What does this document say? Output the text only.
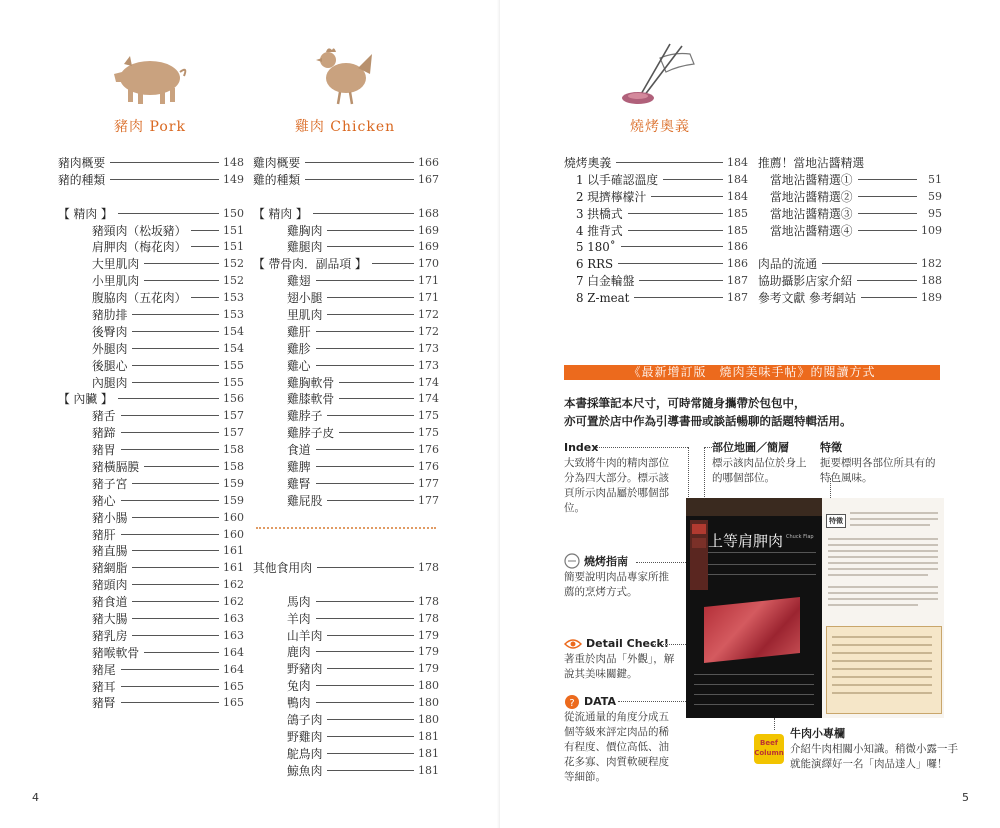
豬肉 Pork	雞肉 Chicken
豬肉概要	148
豬的種類	149
【 精肉 】	150
豬頸肉（松坂豬）	151
肩胛肉（梅花肉）	151
大里肌肉	152
小里肌肉	152
腹脇肉（五花肉）	153
豬肋排	153
後臀肉	154
外腿肉	154
後腿心	155
內腿肉	155
【 內臟 】	156
豬舌	157
豬蹄	157
豬胃	158
豬橫膈膜	158
豬子宮	159
豬心	159
豬小腸	160
豬肝	160
豬直腸	161
豬網脂	161
豬頭肉	162
豬食道	162
豬大腸	163
豬乳房	163
豬喉軟骨	164
豬尾	164
豬耳	165
豬腎	165
雞肉概要	166
雞的種類	167
【 精肉 】	168
雞胸肉	169
雞腿肉	169
【 帶骨肉．副品項 】	170
雞翅	171
翅小腿	171
里肌肉	172
雞肝	172
雞胗	173
雞心	173
雞胸軟骨	174
雞膝軟骨	174
雞脖子	175
雞脖子皮	175
食道	176
雞脾	176
雞腎	177
雞屁股	177
其他食用肉	178
馬肉	178
羊肉	178
山羊肉	179
鹿肉	179
野豬肉	179
兔肉	180
鴨肉	180
鴿子肉	180
野雞肉	181
鴕鳥肉	181
鯨魚肉	181
4
燒烤奧義
燒烤奧義	184
1 以手確認溫度	184
2 現擠檸檬汁	184
3 拱橋式	185
4 推背式	185
5 180˚	186
6 RRS	186
7 白金輪盤	187
8 Z-meat	187
推薦！當地沾醬精選
當地沾醬精選①	51
當地沾醬精選②	59
當地沾醬精選③	95
當地沾醬精選④	109
肉品的流通	182
協助攝影店家介紹	188
參考文獻 參考網站	189
《最新增訂版　燒肉美味手帖》的閱讀方式
本書採筆記本尺寸，可時常隨身攜帶於包包中，
亦可置於店中作為引導書冊或談話暢聊的話題特輯活用。
Index
大致將牛肉的精肉部位分為四大部分。標示該頁所示肉品屬於哪個部位。
部位地圖／簡層
標示該肉品位於身上的哪個部位。
特徵
扼要標明各部位所具有的特色風味。
燒烤指南
簡要說明肉品專家所推薦的烹烤方式。
Detail Check!
著重於肉品「外觀」，解說其美味關鍵。
? DATA
從流通量的角度分成五個等級來評定肉品的稀有程度、價位高低、油花多寡、肉質軟硬程度等細節。
上等肩胛肉 Chuck Flap
特徵
Beef
Column
牛肉小專欄
介紹牛肉相關小知識。稍微小露一手
就能演繹好一名「肉品達人」囉！
5
